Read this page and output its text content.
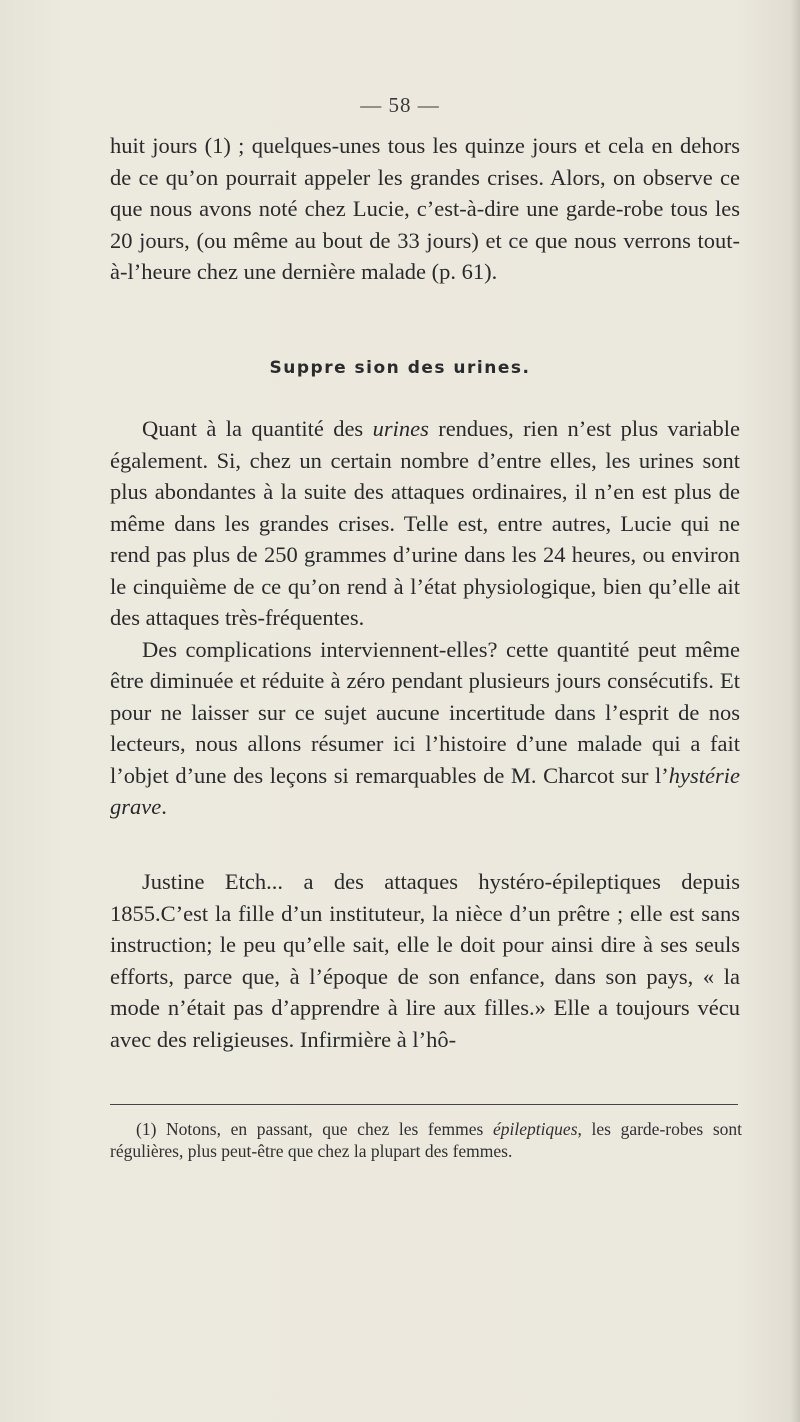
— 58 —

huit jours (1) ; quelques-unes tous les quinze jours et cela en dehors de ce qu’on pourrait appeler les grandes crises. Alors, on observe ce que nous avons noté chez Lucie, c’est-à-dire une garde-robe tous les 20 jours, (ou même au bout de 33 jours) et ce que nous verrons tout-à-l’heure chez une dernière malade (p. 61).

Suppre sion des urines.

Quant à la quantité des urines rendues, rien n’est plus variable également. Si, chez un certain nombre d’entre elles, les urines sont plus abondantes à la suite des attaques ordinaires, il n’en est plus de même dans les grandes crises. Telle est, entre autres, Lucie qui ne rend pas plus de 250 grammes d’urine dans les 24 heures, ou environ le cinquième de ce qu’on rend à l’état physiologique, bien qu’elle ait des attaques très-fréquentes.

Des complications interviennent-elles? cette quantité peut même être diminuée et réduite à zéro pendant plusieurs jours consécutifs. Et pour ne laisser sur ce sujet aucune incertitude dans l’esprit de nos lecteurs, nous allons résumer ici l’histoire d’une malade qui a fait l’objet d’une des leçons si remarquables de M. Charcot sur l’hystérie grave.

Justine Etch... a des attaques hystéro-épileptiques depuis 1855.C’est la fille d’un instituteur, la nièce d’un prêtre ; elle est sans instruction; le peu qu’elle sait, elle le doit pour ainsi dire à ses seuls efforts, parce que, à l’époque de son enfance, dans son pays, « la mode n’était pas d’apprendre à lire aux filles.» Elle a toujours vécu avec des religieuses. Infirmière à l’hô-

(1) Notons, en passant, que chez les femmes épileptiques, les garde-robes sont régulières, plus peut-être que chez la plupart des femmes.
